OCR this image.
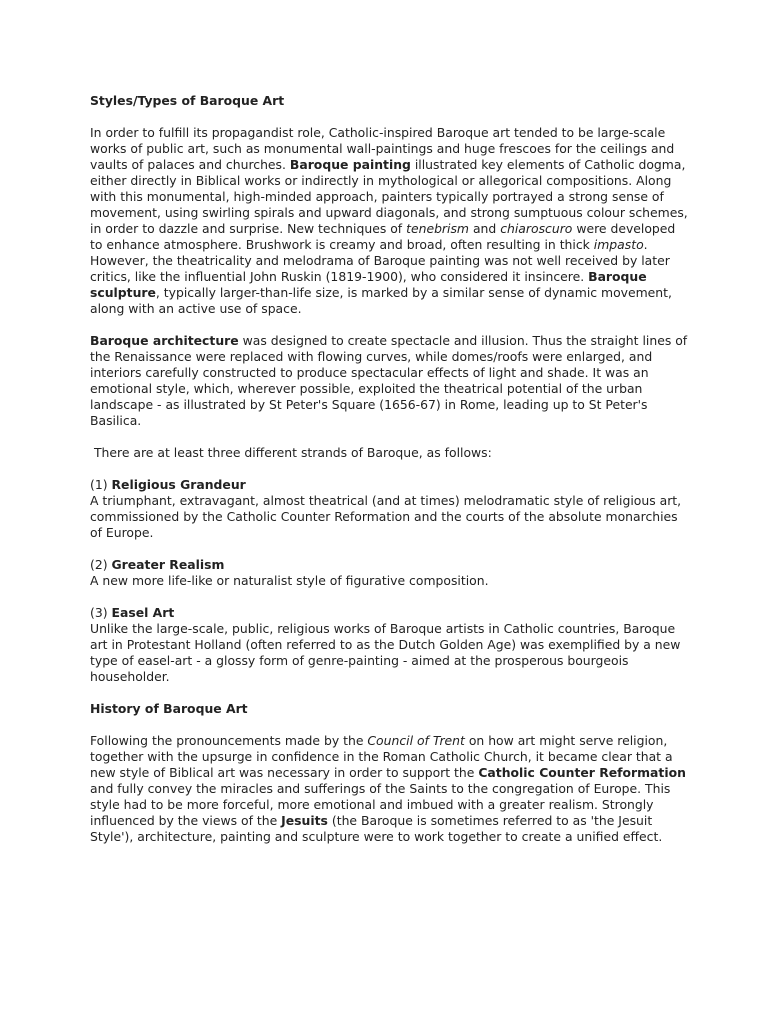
Styles/Types of Baroque Art

In order to fulfill its propagandist role, Catholic-inspired Baroque art tended to be large-scale works of public art, such as monumental wall-paintings and huge frescoes for the ceilings and vaults of palaces and churches. Baroque painting illustrated key elements of Catholic dogma, either directly in Biblical works or indirectly in mythological or allegorical compositions. Along with this monumental, high-minded approach, painters typically portrayed a strong sense of movement, using swirling spirals and upward diagonals, and strong sumptuous colour schemes, in order to dazzle and surprise. New techniques of tenebrism and chiaroscuro were developed to enhance atmosphere. Brushwork is creamy and broad, often resulting in thick impasto. However, the theatricality and melodrama of Baroque painting was not well received by later critics, like the influential John Ruskin (1819-1900), who considered it insincere. Baroque sculpture, typically larger-than-life size, is marked by a similar sense of dynamic movement, along with an active use of space.

Baroque architecture was designed to create spectacle and illusion. Thus the straight lines of the Renaissance were replaced with flowing curves, while domes/roofs were enlarged, and interiors carefully constructed to produce spectacular effects of light and shade. It was an emotional style, which, wherever possible, exploited the theatrical potential of the urban landscape - as illustrated by St Peter's Square (1656-67) in Rome, leading up to St Peter's Basilica.

There are at least three different strands of Baroque, as follows:

(1) Religious Grandeur

A triumphant, extravagant, almost theatrical (and at times) melodramatic style of religious art, commissioned by the Catholic Counter Reformation and the courts of the absolute monarchies of Europe.

(2) Greater Realism

A new more life-like or naturalist style of figurative composition.

(3) Easel Art

Unlike the large-scale, public, religious works of Baroque artists in Catholic countries, Baroque art in Protestant Holland (often referred to as the Dutch Golden Age) was exemplified by a new type of easel-art - a glossy form of genre-painting - aimed at the prosperous bourgeois householder.

History of Baroque Art

Following the pronouncements made by the Council of Trent on how art might serve religion, together with the upsurge in confidence in the Roman Catholic Church, it became clear that a new style of Biblical art was necessary in order to support the Catholic Counter Reformation and fully convey the miracles and sufferings of the Saints to the congregation of Europe. This style had to be more forceful, more emotional and imbued with a greater realism. Strongly influenced by the views of the Jesuits (the Baroque is sometimes referred to as 'the Jesuit Style'), architecture, painting and sculpture were to work together to create a unified effect.
